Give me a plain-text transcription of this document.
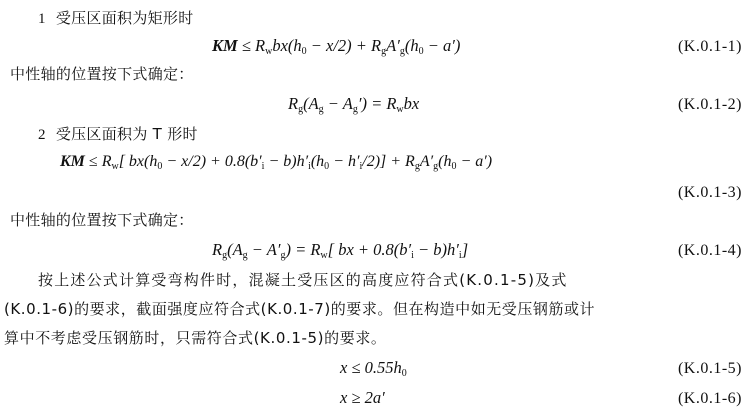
1 受压区面积为矩形时
KM ≤ $R_wbx(h_0 - x/2) + R_gA'_g(h_0 - a')$	(K.0.1-1)
中性轴的位置按下式确定：
$R_g(A_g - A_g') = R_wbx$	(K.0.1-2)
2 受压区面积为 T 形时
KM ≤ $R_w$[ $bx(h_0 - x/2) + 0.8(b'_i - b)h'_i(h_0 - h'_i/2)] + R_gA'_g(h_0 - a')$
(K.0.1-3)
中性轴的位置按下式确定：
$R_g(A_g - A'_g) = R_w$[ bx + $0.8(b'_i - b)h'_i$]	(K.0.1-4)
按上述公式计算受弯构件时，混凝土受压区的高度应符合式(K.0.1-5)及式
(K.0.1-6)的要求，截面强度应符合式(K.0.1-7)的要求。但在构造中如无受压钢筋或计
算中不考虑受压钢筋时，只需符合式(K.0.1-5)的要求。
$x \le 0.55h_0$	(K.0.1-5)
x ≥ 2a′	(K.0.1-6)
